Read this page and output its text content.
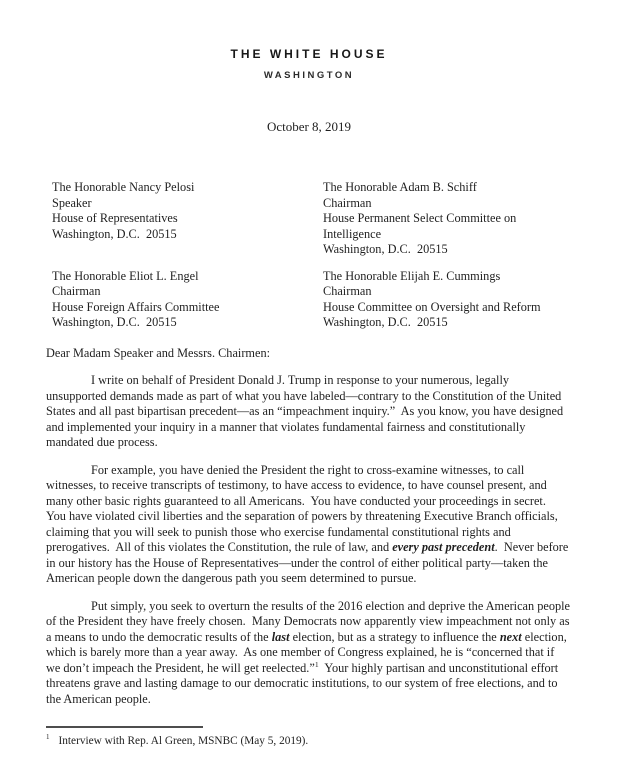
THE WHITE HOUSE
WASHINGTON
October 8, 2019
The Honorable Nancy Pelosi
Speaker
House of Representatives
Washington, D.C.  20515
The Honorable Adam B. Schiff
Chairman
House Permanent Select Committee on Intelligence
Washington, D.C.  20515
The Honorable Eliot L. Engel
Chairman
House Foreign Affairs Committee
Washington, D.C.  20515
The Honorable Elijah E. Cummings
Chairman
House Committee on Oversight and Reform
Washington, D.C.  20515
Dear Madam Speaker and Messrs. Chairmen:

I write on behalf of President Donald J. Trump in response to your numerous, legally unsupported demands made as part of what you have labeled—contrary to the Constitution of the United States and all past bipartisan precedent—as an “impeachment inquiry.”  As you know, you have designed and implemented your inquiry in a manner that violates fundamental fairness and constitutionally mandated due process.

For example, you have denied the President the right to cross-examine witnesses, to call witnesses, to receive transcripts of testimony, to have access to evidence, to have counsel present, and many other basic rights guaranteed to all Americans.  You have conducted your proceedings in secret.  You have violated civil liberties and the separation of powers by threatening Executive Branch officials, claiming that you will seek to punish those who exercise fundamental constitutional rights and prerogatives.  All of this violates the Constitution, the rule of law, and every past precedent.  Never before in our history has the House of Representatives—under the control of either political party—taken the American people down the dangerous path you seem determined to pursue.

Put simply, you seek to overturn the results of the 2016 election and deprive the American people of the President they have freely chosen.  Many Democrats now apparently view impeachment not only as a means to undo the democratic results of the last election, but as a strategy to influence the next election, which is barely more than a year away.  As one member of Congress explained, he is “concerned that if we don’t impeach the President, he will get reelected.”$^1$  Your highly partisan and unconstitutional effort threatens grave and lasting damage to our democratic institutions, to our system of free elections, and to the American people.

$^1$ Interview with Rep. Al Green, MSNBC (May 5, 2019).
